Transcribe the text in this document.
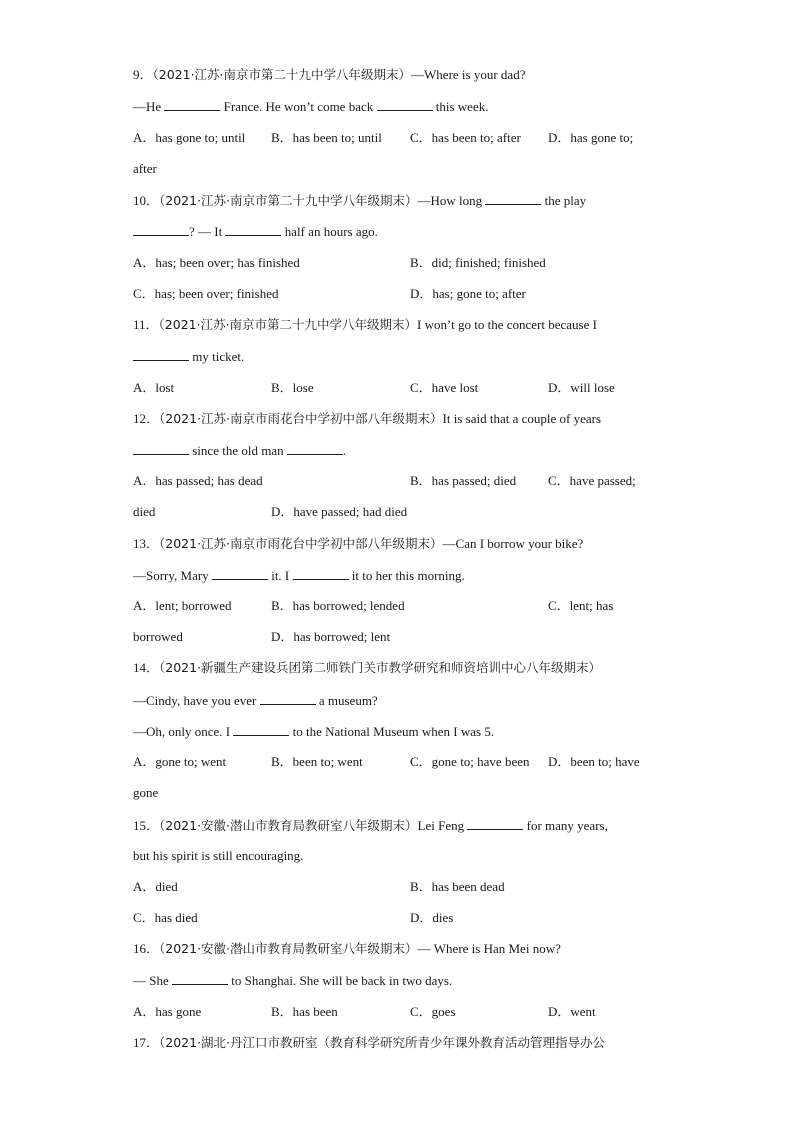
9．（2021·江苏·南京市第二十九中学八年级期末）—Where is your dad?
—He	France. He won’t come back	this week.
A．has gone to; until B．has been to; until C．has been to; after D．has gone to;
after
10．（2021·江苏·南京市第二十九中学八年级期末）—How long	the play
? — It	half an hours ago.
A．has; been over; has finished	B．did; finished; finished
C．has; been over; finished	D．has; gone to; after
11．（2021·江苏·南京市第二十九中学八年级期末）I won’t go to the concert because I
my ticket.
A．lost	B．lose	C．have lost	D．will lose
12．（2021·江苏·南京市雨花台中学初中部八年级期末）It is said that a couple of years
since the old man	.
A．has passed; has dead	B．has passed; died C．have passed;
died	D．have passed; had died
13．（2021·江苏·南京市雨花台中学初中部八年级期末）—Can I borrow your bike?
—Sorry, Mary	it. I	it to her this morning.
A．lent; borrowed	B．has borrowed; lended	C．lent; has
borrowed	D．has borrowed; lent
14．（2021·新疆生产建设兵团第二师铁门关市教学研究和师资培训中心八年级期末）
—Cindy, have you ever	a museum?
—Oh, only once. I	to the National Museum when I was 5.
A．gone to; went	B．been to; went	C．gone to; have been D．been to; have
gone
15．（2021·安徽·潜山市教育局教研室八年级期末）Lei Feng	for many years,
but his spirit is still encouraging.
A．died	B．has been dead
C．has died	D．dies
16．（2021·安徽·潜山市教育局教研室八年级期末）— Where is Han Mei now?
— She	to Shanghai. She will be back in two days.
A．has gone	B．has been	C．goes	D．went
17．（2021·湖北·丹江口市教研室（教育科学研究所青少年课外教育活动管理指导办公
